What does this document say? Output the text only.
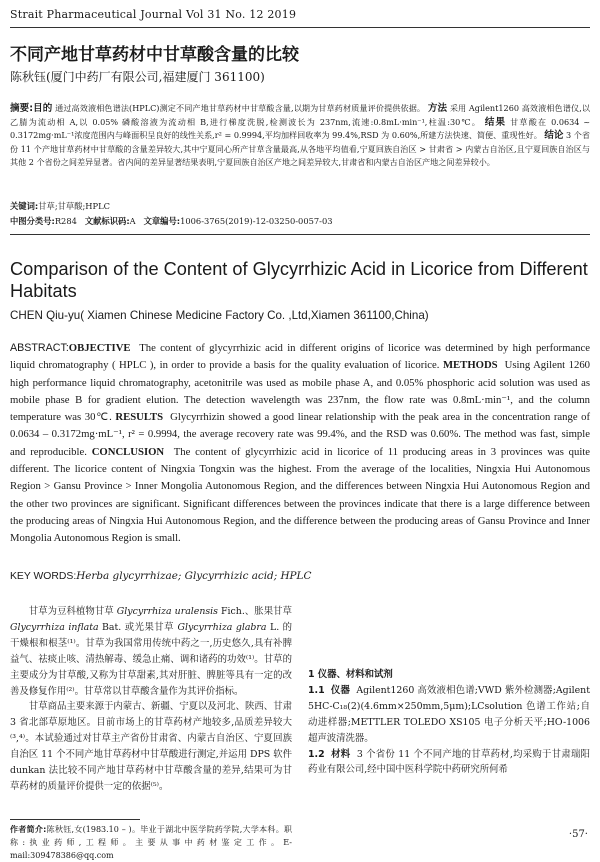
Strait Pharmaceutical Journal Vol 31 No. 12 2019
不同产地甘草药材中甘草酸含量的比较
陈秋钰(厦门中药厂有限公司,福建厦门 361100)
摘要:目的 通过高效液相色谱法(HPLC)测定不同产地甘草药材中甘草酸含量,以期为甘草药材质量评价提供依据。 方法 采用 Agilent1260 高效液相色谱仪,以乙腈为流动相 A,以 0.05% 磷酸溶液为流动相 B,进行梯度洗脱,检测波长为 237nm,流速:0.8mL·min⁻¹,柱温:30℃。 结果 甘草酸在 0.0634 ~ 0.3172mg·mL⁻¹浓度范围内与峰面积呈良好的线性关系,r² = 0.9994,平均加样回收率为 99.4%,RSD 为 0.60%,所建方法快速、简便、重现性好。 结论 3 个省份 11 个产地甘草药材中甘草酸的含量差异较大,其中宁夏同心所产甘草含量最高,从各地平均值看,宁夏回族自治区 > 甘肃省 > 内蒙古自治区,且宁夏回族自治区与其他 2 个省份之间差异显著。省内间的差异显著结果表明,宁夏回族自治区产地之间差异较大,甘肃省和内蒙古自治区产地之间差异较小。
关键词:甘草;甘草酸;HPLC
中图分类号:R284 文献标识码:A 文章编号:1006-3765(2019)-12-03250-0057-03
Comparison of the Content of Glycyrrhizic Acid in Licorice from Different Habitats
CHEN Qiu-yu( Xiamen Chinese Medicine Factory Co. ,Ltd,Xiamen 361100,China)
ABSTRACT:OBJECTIVE The content of glycyrrhizic acid in different origins of licorice was determined by high performance liquid chromatography ( HPLC ), in order to provide a basis for the quality evaluation of licorice. METHODS Using Agilent 1260 high performance liquid chromatography, acetonitrile was used as mobile phase A, and 0.05% phosphoric acid solution was used as mobile phase B for gradient elution. The detection wavelength was 237nm, the flow rate was 0.8mL·min⁻¹, and the column temperature was 30℃. RESULTS Glycyrrhizin showed a good linear relationship with the peak area in the concentration range of 0.0634 – 0.3172mg·mL⁻¹, r² = 0.9994, the average recovery rate was 99.4%, and the RSD was 0.60%. The method was fast, simple and reproducible. CONCLUSION The content of glycyrrhizic acid in licorice of 11 producing areas in 3 provinces was quite different. The licorice content of Ningxia Tongxin was the highest. From the average of the localities, Ningxia Hui Autonomous Region > Gansu Province > Inner Mongolia Autonomous Region, and the differences between Ningxia Hui Autonomous Region and the other two provinces are significant. Significant differences between the provinces indicate that there is a large difference between the producing areas of Ningxia Hui Autonomous Region, and the difference between the producing areas of Gansu Province and Inner Mongolia Autonomous Region is small.
KEY WORDS:Herba glycyrrhizae; Glycyrrhizic acid; HPLC

甘草为豆科植物甘草 Glycyrrhiza uralensis Fich.、胀果甘草 Glycyrrhiza inflata Bat. 或光果甘草 Glycyrrhiza glabra L. 的干燥根和根茎⁽¹⁾。甘草为我国常用传统中药之一,历史悠久,具有补脾益气、祛痰止咳、清热解毒、缓急止痛、调和诸药的功效⁽¹⁾。甘草的主要成分为甘草酸,又称为甘草甜素,其对肝脏、脾脏等具有一定的改善及修复作用⁽²⁾。甘草常以甘草酸含量作为其评价指标。

甘草商品主要来源于内蒙古、新疆、宁夏以及河北、陕西、甘肃 3 省北部草原地区。目前市场上的甘草药材产地较多,品质差异较大⁽³,⁴⁾。本试验通过对甘草主产省份甘肃省、内蒙古自治区、宁夏回族自治区 11 个不同产地甘草药材中甘草酸进行测定,并运用 DPS 软件 dunkan 法比较不同产地甘草药材中甘草酸含量的差异,结果可为甘草药材的质量评价提供一定的依据⁽⁵⁾。

1 仪器、材料和试剂

1.1 仪器 Agilent1260 高效液相色谱;VWD 紫外检测器;Agilent 5HC-C₁₈(2)(4.6mm×250mm,5μm);LCsolution 色谱工作站;自动进样器;METTLER TOLEDO XS105 电子分析天平;HO-1006 超声波清洗器。

1.2 材料 3 个省份 11 个不同产地的甘草药材,均采购于甘肃瑞阳药业有限公司,经中国中医科学院中药研究所何希

作者简介:陈秋钰,女(1983.10 – )。毕业于湖北中医学院药学院,大学本科。职称:执业药师,工程师。主要从事中药材鉴定工作。E-mail:309478386@qq.com
·57·
